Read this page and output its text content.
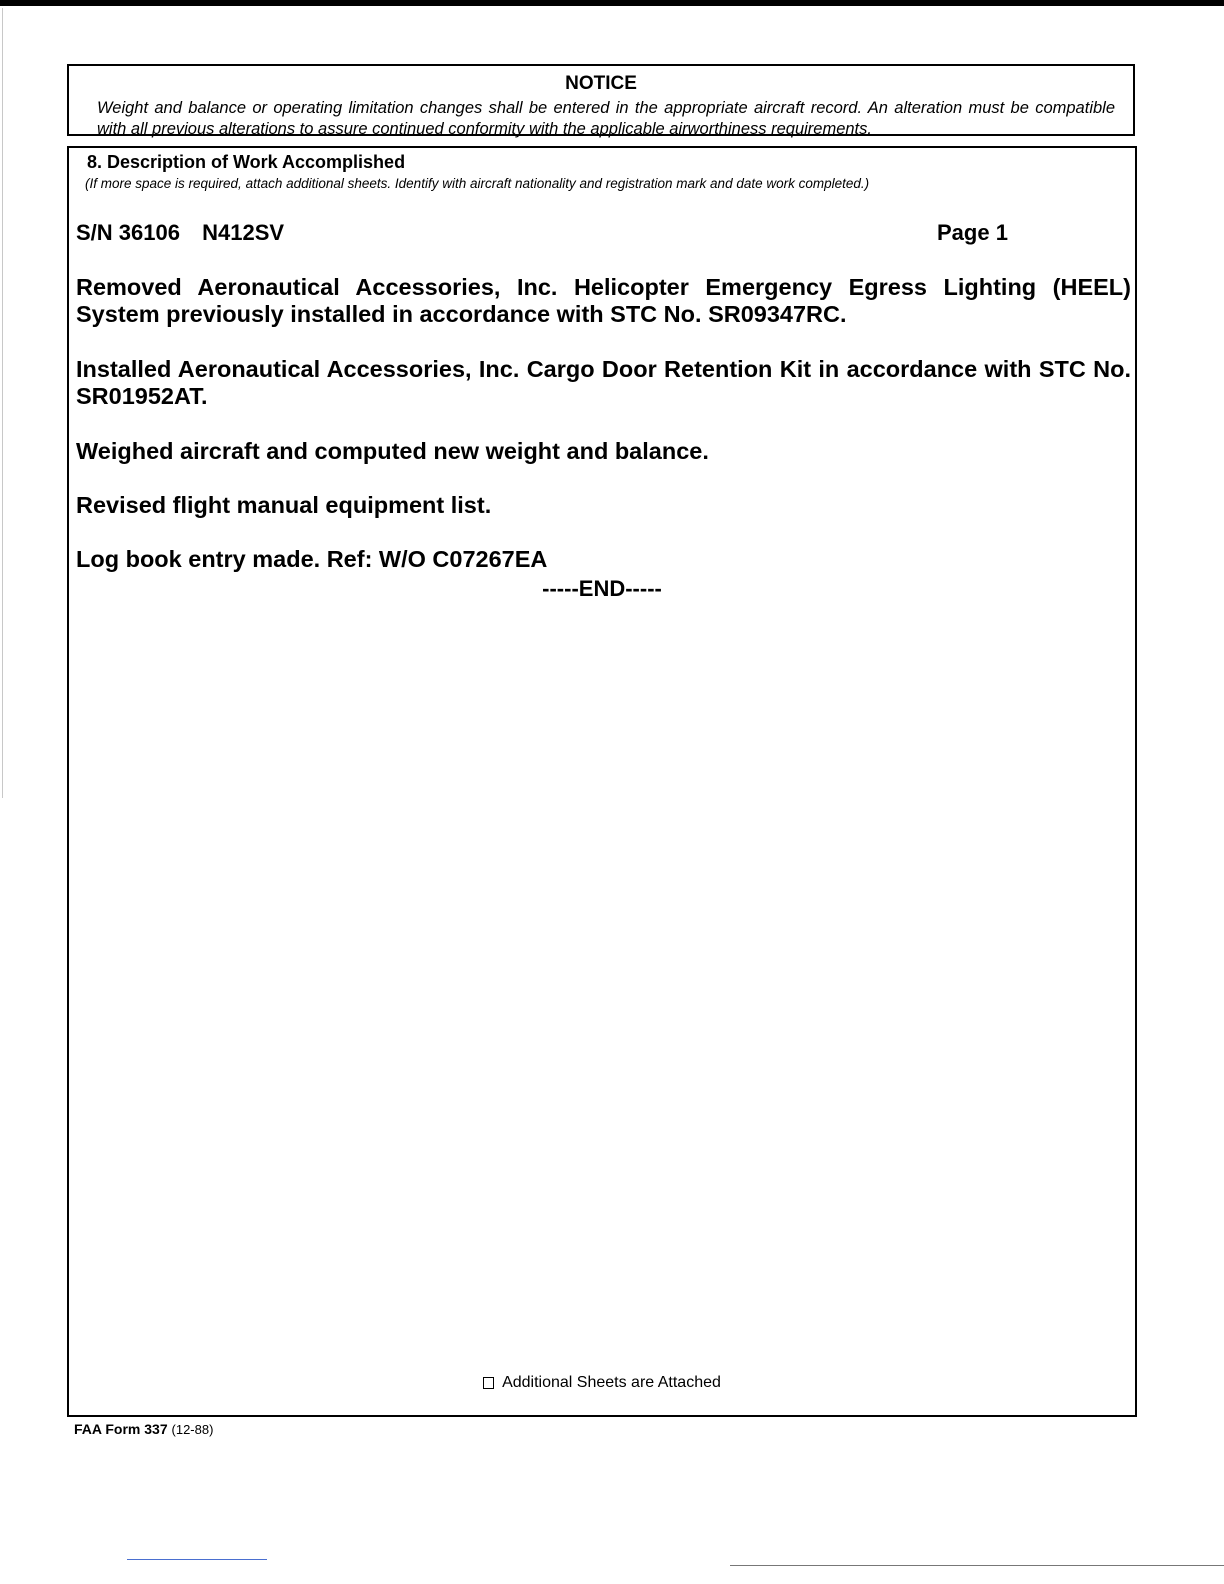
NOTICE
Weight and balance or operating limitation changes shall be entered in the appropriate aircraft record. An alteration must be compatible with all previous alterations to assure continued conformity with the applicable airworthiness requirements.
8. Description of Work Accomplished
(If more space is required, attach additional sheets. Identify with aircraft nationality and registration mark and date work completed.)
S/N 36106 N412SV	Page 1
Removed Aeronautical Accessories, Inc. Helicopter Emergency Egress Lighting (HEEL) System previously installed in accordance with STC No. SR09347RC.
Installed Aeronautical Accessories, Inc. Cargo Door Retention Kit in accordance with STC No. SR01952AT.
Weighed aircraft and computed new weight and balance.
Revised flight manual equipment list.
Log book entry made. Ref: W/O C07267EA
-----END-----
Additional Sheets are Attached
FAA Form 337 (12-88)
